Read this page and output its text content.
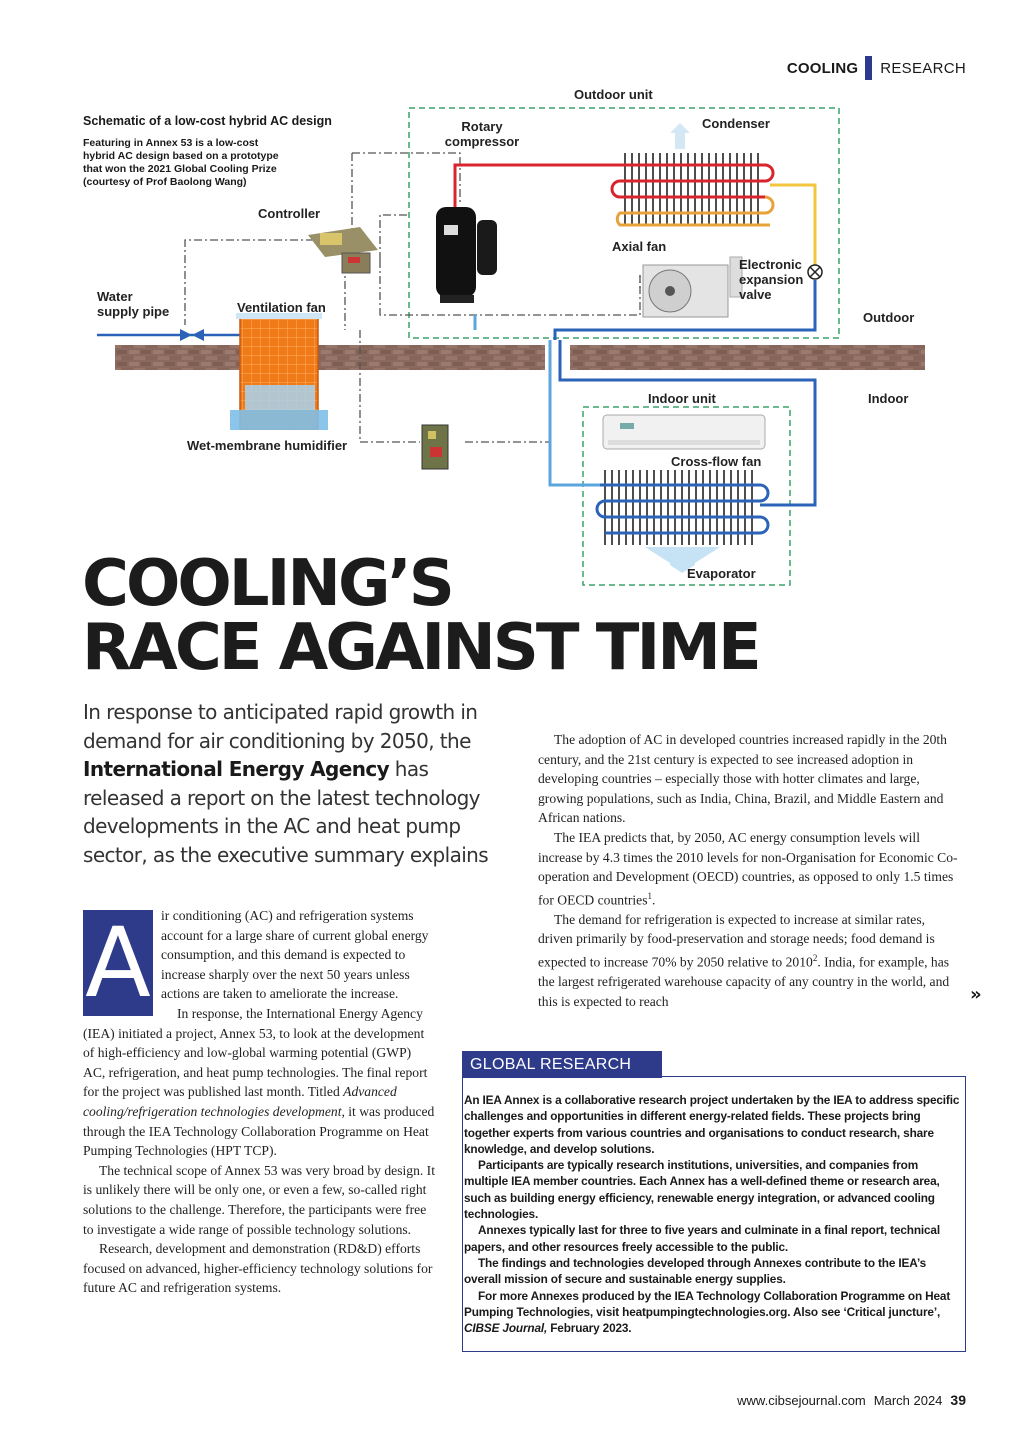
COOLING RESEARCH
Schematic of a low-cost hybrid AC design
Featuring in Annex 53 is a low-cost hybrid AC design based on a prototype that won the 2021 Global Cooling Prize (courtesy of Prof Baolong Wang)
Outdoor unit
Rotary compressor
Condenser
Controller
Axial fan
Electronic expansion valve
Water supply pipe	Ventilation fan
Outdoor
Indoor unit	Indoor
Wet-membrane humidifier
Cross-flow fan
Evaporator
COOLING’S
RACE AGAINST TIME
In response to anticipated rapid growth in demand for air conditioning by 2050, the International Energy Agency has released a report on the latest technology developments in the AC and heat pump sector, as the executive summary explains
A ir conditioning (AC) and refrigeration systems account for a large share of current global energy consumption, and this demand is expected to increase sharply over the next 50 years unless actions are taken to ameliorate the increase.

In response, the International Energy Agency (IEA) initiated a project, Annex 53, to look at the development of high-efficiency and low-global warming potential (GWP) AC, refrigeration, and heat pump technologies. The final report for the project was published last month. Titled Advanced cooling/refrigeration technologies development, it was produced through the IEA Technology Collaboration Programme on Heat Pumping Technologies (HPT TCP).

The technical scope of Annex 53 was very broad by design. It is unlikely there will be only one, or even a few, so-called right solutions to the challenge. Therefore, the participants were free to investigate a wide range of possible technology solutions.

Research, development and demonstration (RD&D) efforts focused on advanced, higher-efficiency technology solutions for future AC and refrigeration systems.

The adoption of AC in developed countries increased rapidly in the 20th century, and the 21st century is expected to see increased adoption in developing countries – especially those with hotter climates and large, growing populations, such as India, China, Brazil, and Middle Eastern and African nations.

The IEA predicts that, by 2050, AC energy consumption levels will increase by 4.3 times the 2010 levels for non-Organisation for Economic Co-operation and Development (OECD) countries, as opposed to only 1.5 times for OECD countries$^1$.

The demand for refrigeration is expected to increase at similar rates, driven primarily by food-preservation and storage needs; food demand is expected to increase 70% by 2050 relative to 2010$^2$. India, for example, has the largest refrigerated warehouse capacity of any country in the world, and this is expected to reach	»
GLOBAL RESEARCH

An IEA Annex is a collaborative research project undertaken by the IEA to address specific challenges and opportunities in different energy-related fields. These projects bring together experts from various countries and organisations to conduct research, share knowledge, and develop solutions.

Participants are typically research institutions, universities, and companies from multiple IEA member countries. Each Annex has a well-defined theme or research area, such as building energy efficiency, renewable energy integration, or advanced cooling technologies.

Annexes typically last for three to five years and culminate in a final report, technical papers, and other resources freely accessible to the public.

The findings and technologies developed through Annexes contribute to the IEA’s overall mission of secure and sustainable energy supplies.

For more Annexes produced by the IEA Technology Collaboration Programme on Heat Pumping Technologies, visit heatpumpingtechnologies.org. Also see ‘Critical juncture’, CIBSE Journal, February 2023.

www.cibsejournal.com March 2024 39
